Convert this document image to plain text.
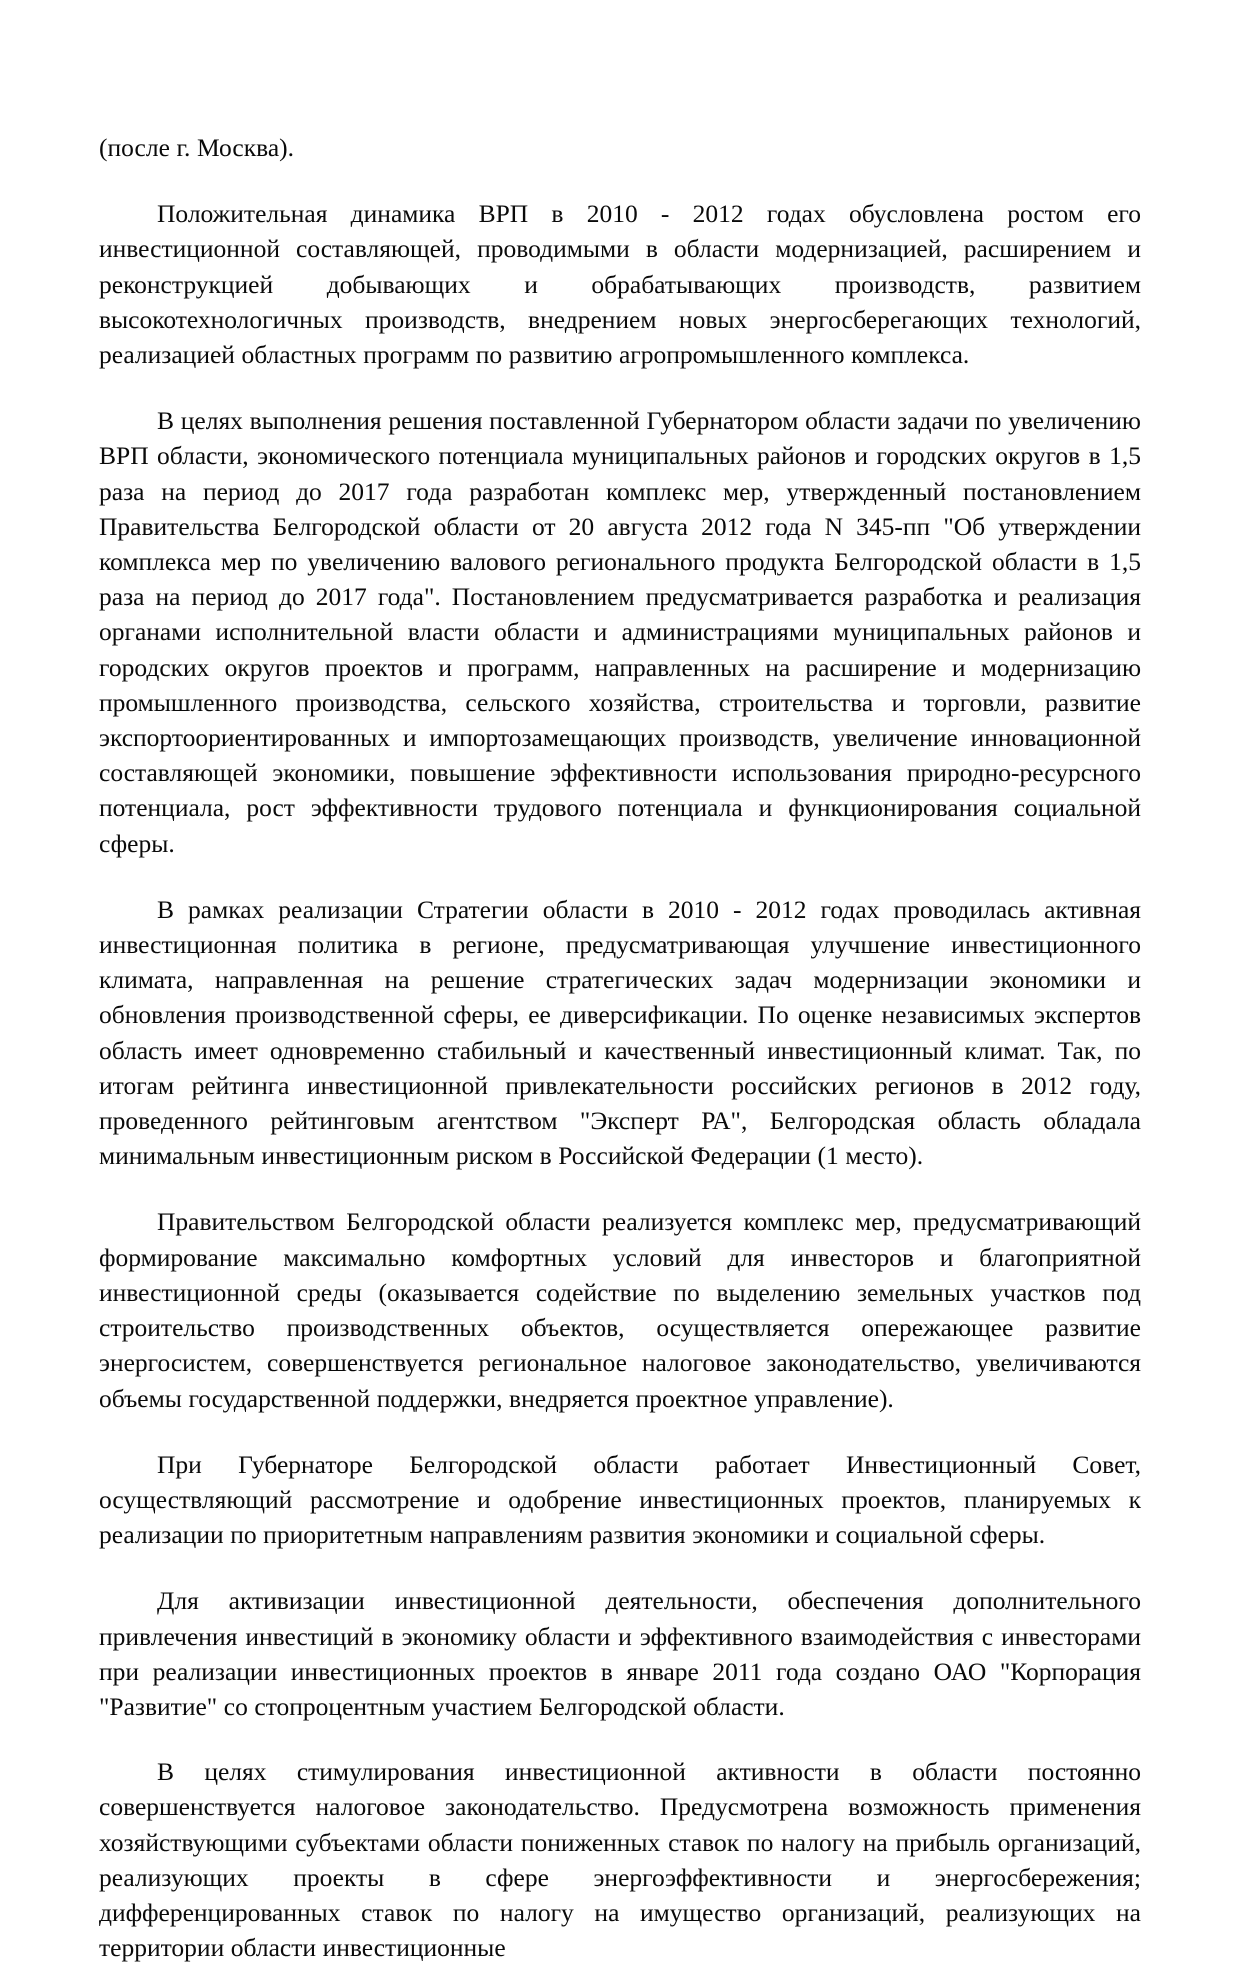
(после г. Москва).

Положительная динамика ВРП в 2010 - 2012 годах обусловлена ростом его инвестиционной составляющей, проводимыми в области модернизацией, расширением и реконструкцией добывающих и обрабатывающих производств, развитием высокотехнологичных производств, внедрением новых энергосберегающих технологий, реализацией областных программ по развитию агропромышленного комплекса.

В целях выполнения решения поставленной Губернатором области задачи по увеличению ВРП области, экономического потенциала муниципальных районов и городских округов в 1,5 раза на период до 2017 года разработан комплекс мер, утвержденный постановлением Правительства Белгородской области от 20 августа 2012 года N 345-пп "Об утверждении комплекса мер по увеличению валового регионального продукта Белгородской области в 1,5 раза на период до 2017 года". Постановлением предусматривается разработка и реализация органами исполнительной власти области и администрациями муниципальных районов и городских округов проектов и программ, направленных на расширение и модернизацию промышленного производства, сельского хозяйства, строительства и торговли, развитие экспортоориентированных и импортозамещающих производств, увеличение инновационной составляющей экономики, повышение эффективности использования природно-ресурсного потенциала, рост эффективности трудового потенциала и функционирования социальной сферы.

В рамках реализации Стратегии области в 2010 - 2012 годах проводилась активная инвестиционная политика в регионе, предусматривающая улучшение инвестиционного климата, направленная на решение стратегических задач модернизации экономики и обновления производственной сферы, ее диверсификации. По оценке независимых экспертов область имеет одновременно стабильный и качественный инвестиционный климат. Так, по итогам рейтинга инвестиционной привлекательности российских регионов в 2012 году, проведенного рейтинговым агентством "Эксперт РА", Белгородская область обладала минимальным инвестиционным риском в Российской Федерации (1 место).

Правительством Белгородской области реализуется комплекс мер, предусматривающий формирование максимально комфортных условий для инвесторов и благоприятной инвестиционной среды (оказывается содействие по выделению земельных участков под строительство производственных объектов, осуществляется опережающее развитие энергосистем, совершенствуется региональное налоговое законодательство, увеличиваются объемы государственной поддержки, внедряется проектное управление).

При Губернаторе Белгородской области работает Инвестиционный Совет, осуществляющий рассмотрение и одобрение инвестиционных проектов, планируемых к реализации по приоритетным направлениям развития экономики и социальной сферы.

Для активизации инвестиционной деятельности, обеспечения дополнительного привлечения инвестиций в экономику области и эффективного взаимодействия с инвесторами при реализации инвестиционных проектов в январе 2011 года создано ОАО "Корпорация "Развитие" со стопроцентным участием Белгородской области.

В целях стимулирования инвестиционной активности в области постоянно совершенствуется налоговое законодательство. Предусмотрена возможность применения хозяйствующими субъектами области пониженных ставок по налогу на прибыль организаций, реализующих проекты в сфере энергоэффективности и энергосбережения; дифференцированных ставок по налогу на имущество организаций, реализующих на территории области инвестиционные
